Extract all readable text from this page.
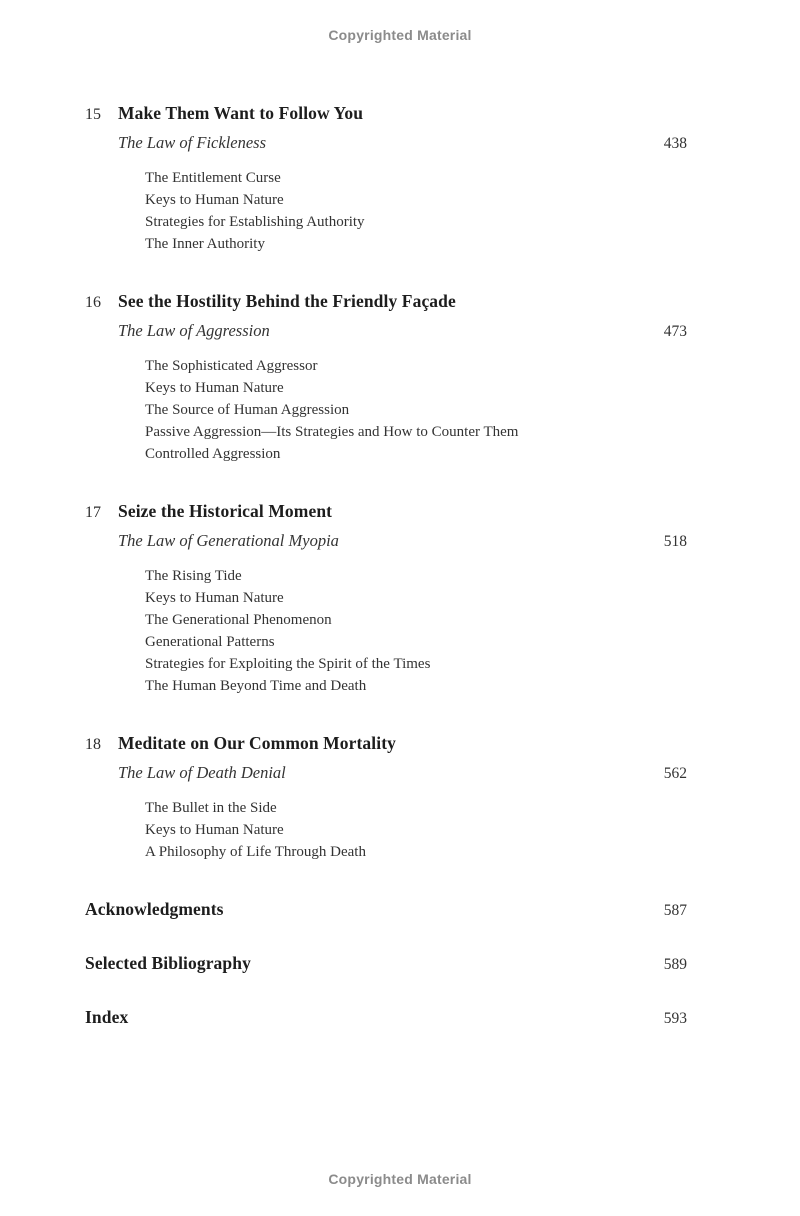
Copyrighted Material
15 Make Them Want to Follow You
The Law of Fickleness	438
The Entitlement Curse
Keys to Human Nature
Strategies for Establishing Authority
The Inner Authority
16 See the Hostility Behind the Friendly Façade
The Law of Aggression	473
The Sophisticated Aggressor
Keys to Human Nature
The Source of Human Aggression
Passive Aggression—Its Strategies and How to Counter Them
Controlled Aggression
17 Seize the Historical Moment
The Law of Generational Myopia	518
The Rising Tide
Keys to Human Nature
The Generational Phenomenon
Generational Patterns
Strategies for Exploiting the Spirit of the Times
The Human Beyond Time and Death
18 Meditate on Our Common Mortality
The Law of Death Denial	562
The Bullet in the Side
Keys to Human Nature
A Philosophy of Life Through Death
Acknowledgments	587
Selected Bibliography	589
Index	593
Copyrighted Material
